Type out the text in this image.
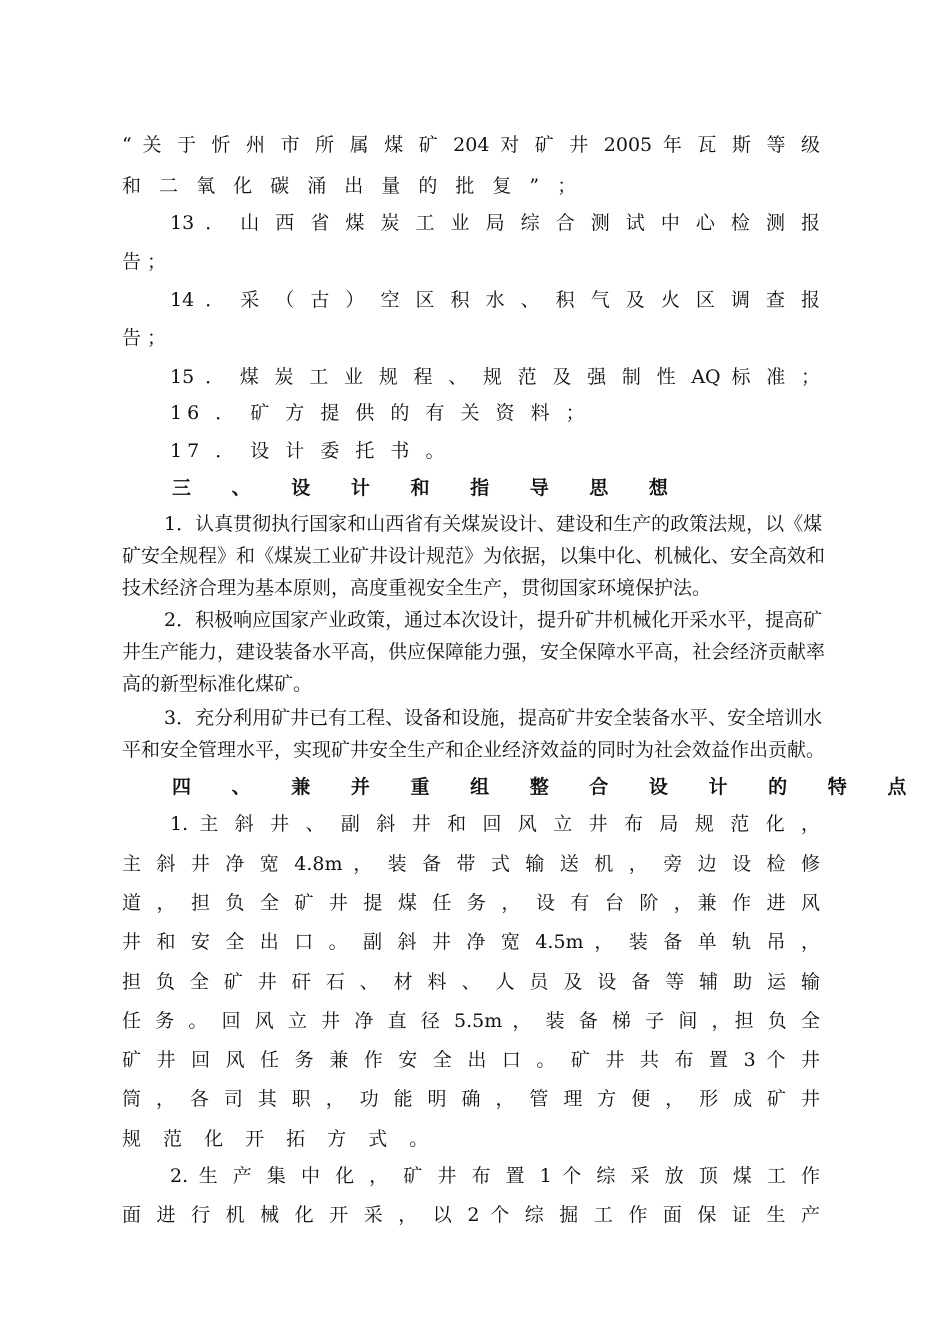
“ 关 于 忻 州 市 所 属 煤 矿 204 对 矿 井 2005 年 瓦 斯 等 级
和 二 氧 化 碳 涌 出 量 的 批 复 ” ；
13 ． 山 西 省 煤 炭 工 业 局 综 合 测 试 中 心 检 测 报
告 ；
14 ． 采 （ 古 ） 空 区 积 水 、 积 气 及 火 区 调 查 报
告 ；
15 ． 煤 炭 工 业 规 程 、 规 范 及 强 制 性 AQ 标 准 ；
16 ． 矿 方 提 供 的 有 关 资 料 ；
17 ． 设 计 委 托 书 。
三 、 设 计 和 指 导 思 想
1．认真贯彻执行国家和山西省有关煤炭设计、建设和生产的政策法规，以《煤
矿安全规程》和《煤炭工业矿井设计规范》为依据，以集中化、机械化、安全高效和
技术经济合理为基本原则，高度重视安全生产，贯彻国家环境保护法。
2．积极响应国家产业政策，通过本次设计，提升矿井机械化开采水平，提高矿
井生产能力，建设装备水平高，供应保障能力强，安全保障水平高，社会经济贡献率
高的新型标准化煤矿。
3．充分利用矿井已有工程、设备和设施，提高矿井安全装备水平、安全培训水
平和安全管理水平，实现矿井安全生产和企业经济效益的同时为社会效益作出贡献。
四 、 兼 并 重 组 整 合 设 计 的 特 点
1. 主 斜 井 、 副 斜 井 和 回 风 立 井 布 局 规 范 化 ，
主 斜 井 净 宽 4.8m ， 装 备 带 式 输 送 机 ， 旁 边 设 检 修
道 ， 担 负 全 矿 井 提 煤 任 务 ， 设 有 台 阶 ，兼 作 进 风
井 和 安 全 出 口 。 副 斜 井 净 宽 4.5m ， 装 备 单 轨 吊 ，
担 负 全 矿 井 矸 石 、 材 料 、 人 员 及 设 备 等 辅 助 运 输
任 务 。 回 风 立 井 净 直 径 5.5m ， 装 备 梯 子 间 ，担 负 全
矿 井 回 风 任 务 兼 作 安 全 出 口 。 矿 井 共 布 置 3 个 井
筒 ， 各 司 其 职 ， 功 能 明 确 ， 管 理 方 便 ， 形 成 矿 井
规 范 化 开 拓 方 式 。
2. 生 产 集 中 化 ， 矿 井 布 置 1 个 综 采 放 顶 煤 工 作
面 进 行 机 械 化 开 采 ， 以 2 个 综 掘 工 作 面 保 证 生 产
